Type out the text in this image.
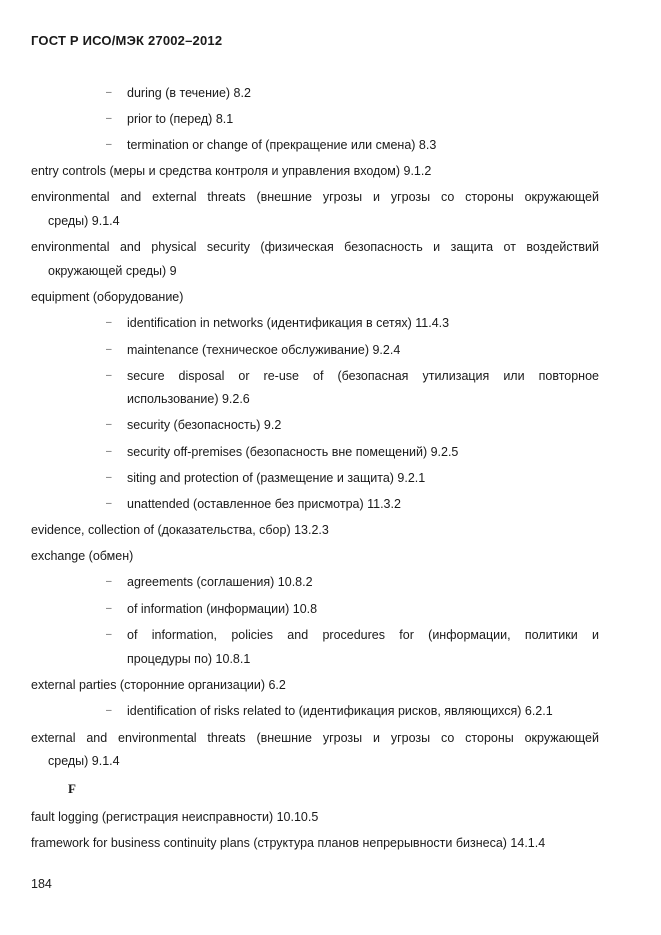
ГОСТ Р ИСО/МЭК 27002–2012
– during (в течение) 8.2
– prior to (перед) 8.1
– termination or change of (прекращение или смена) 8.3
entry controls (меры и средства контроля и управления входом) 9.1.2
environmental and external threats (внешние угрозы и угрозы со стороны окружающей
среды) 9.1.4
environmental and physical security (физическая безопасность и защита от воздействий
окружающей среды) 9
equipment (оборудование)
– identification in networks (идентификация в сетях) 11.4.3
– maintenance (техническое обслуживание) 9.2.4
– secure disposal or re-use of (безопасная утилизация или повторное
использование) 9.2.6
– security (безопасность) 9.2
– security off-premises (безопасность вне помещений) 9.2.5
– siting and protection of (размещение и защита) 9.2.1
– unattended (оставленное без присмотра) 11.3.2
evidence, collection of (доказательства, сбор) 13.2.3
exchange (обмен)
– agreements (соглашения) 10.8.2
– of information (информации) 10.8
– of information, policies and procedures for (информации, политики и
процедуры по) 10.8.1
external parties (сторонние организации) 6.2
– identification of risks related to (идентификация рисков, являющихся) 6.2.1
external and environmental threats (внешние угрозы и угрозы со стороны окружающей
среды) 9.1.4
F
fault logging (регистрация неисправности) 10.10.5
framework for business continuity plans (структура планов непрерывности бизнеса) 14.1.4
184
